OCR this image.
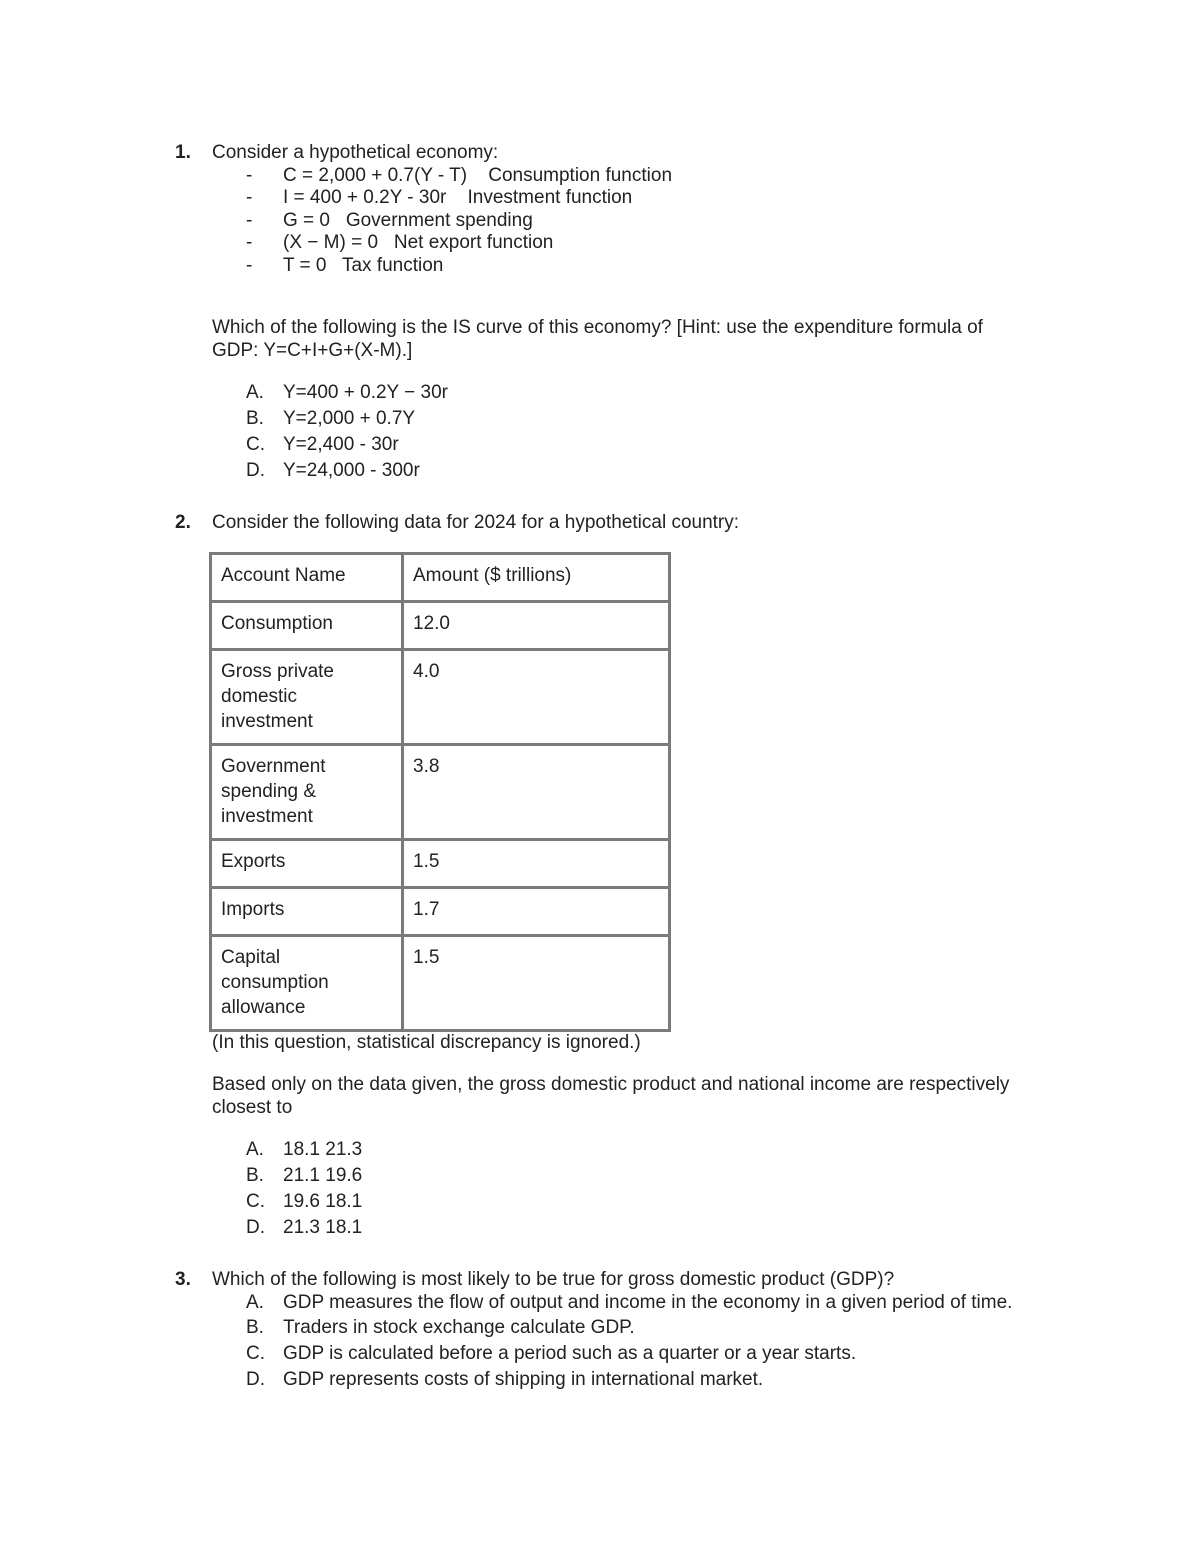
1. Consider a hypothetical economy:
- C = 2,000 + 0.7(Y - T)    Consumption function
- I = 400 + 0.2Y - 30r    Investment function
- G = 0   Government spending
- (X − M) = 0   Net export function
- T = 0   Tax function
Which of the following is the IS curve of this economy? [Hint: use the expenditure formula of
GDP: Y=C+I+G+(X-M).]
A. Y=400 + 0.2Y − 30r
B. Y=2,000 + 0.7Y
C. Y=2,400 - 30r
D. Y=24,000 - 300r
2. Consider the following data for 2024 for a hypothetical country:
Account Name	Amount ($ trillions)
Consumption	12.0

Gross private
domestic
investment	4.0

Government
spending &
investment	3.8
Exports	1.5
Imports	1.7

Capital
consumption
allowance	1.5
(In this question, statistical discrepancy is ignored.)
Based only on the data given, the gross domestic product and national income are respectively
closest to
A. 18.1 21.3
B. 21.1 19.6
C. 19.6 18.1
D. 21.3 18.1
3. Which of the following is most likely to be true for gross domestic product (GDP)?
A. GDP measures the flow of output and income in the economy in a given period of time.
B. Traders in stock exchange calculate GDP.
C. GDP is calculated before a period such as a quarter or a year starts.
D. GDP represents costs of shipping in international market.
